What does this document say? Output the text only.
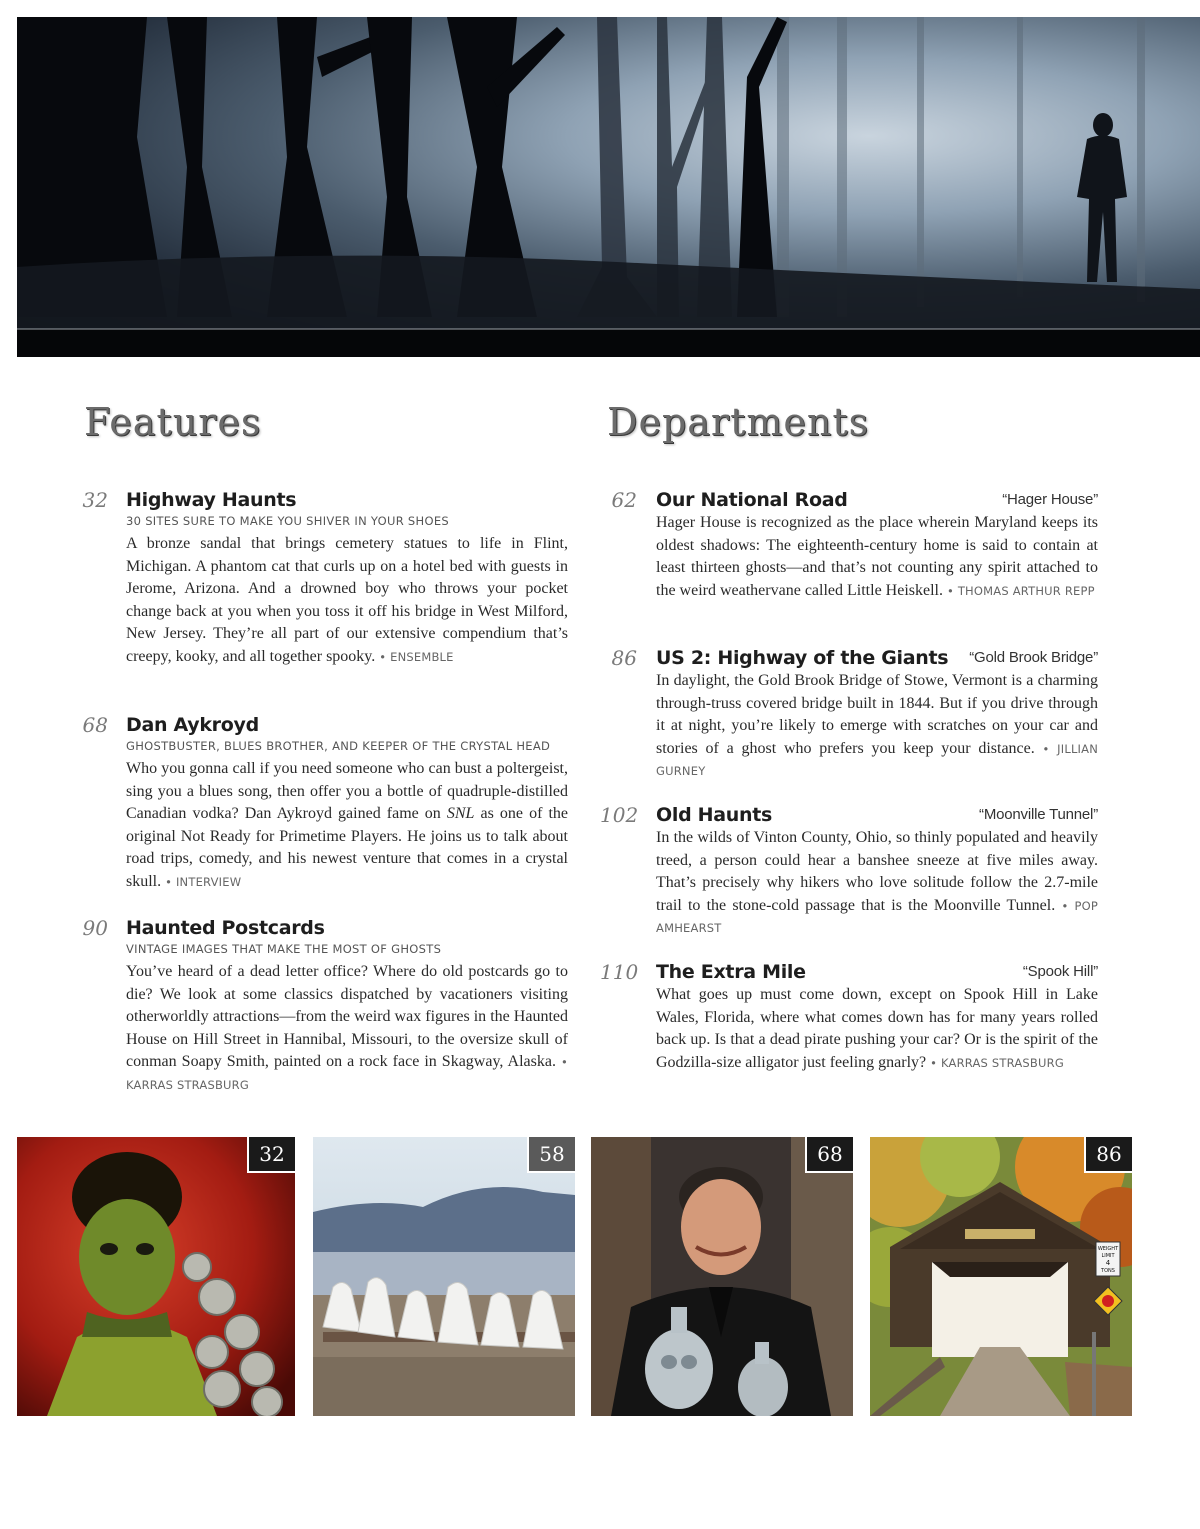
Features	Departments
32 Highway Haunts

30 SITES SURE TO MAKE YOU SHIVER IN YOUR SHOES

A bronze sandal that brings cemetery statues to life in Flint, Michigan. A phantom cat that curls up on a hotel bed with guests in Jerome, Arizona. And a drowned boy who throws your pocket change back at you when you toss it off his bridge in West Milford, New Jersey. They’re all part of our extensive compendium that’s creepy, kooky, and all together spooky. • ENSEMBLE

68 Dan Aykroyd

GHOSTBUSTER, BLUES BROTHER, AND KEEPER OF THE CRYSTAL HEAD

Who you gonna call if you need someone who can bust a poltergeist, sing you a blues song, then offer you a bottle of quadruple-distilled Canadian vodka? Dan Aykroyd gained fame on SNL as one of the original Not Ready for Primetime Players. He joins us to talk about road trips, comedy, and his newest venture that comes in a crystal skull. • INTERVIEW

90 Haunted Postcards

VINTAGE IMAGES THAT MAKE THE MOST OF GHOSTS

You’ve heard of a dead letter office? Where do old postcards go to die? We look at some classics dispatched by vacationers visiting otherworldly attractions—from the weird wax figures in the Haunted House on Hill Street in Hannibal, Missouri, to the oversize skull of conman Soapy Smith, painted on a rock face in Skagway, Alaska. • KARRAS STRASBURG

62 Our National Road	“Hager House”

Hager House is recognized as the place wherein Maryland keeps its oldest shadows: The eighteenth-century home is said to contain at least thirteen ghosts—and that’s not counting any spirit attached to the weird weathervane called Little Heiskell. • THOMAS ARTHUR REPP

86 US 2: Highway of the Giants	“Gold Brook Bridge”

In daylight, the Gold Brook Bridge of Stowe, Vermont is a charming through-truss covered bridge built in 1844. But if you drive through it at night, you’re likely to emerge with scratches on your car and stories of a ghost who prefers you keep your distance. • JILLIAN GURNEY

102 Old Haunts	“Moonville Tunnel”

In the wilds of Vinton County, Ohio, so thinly populated and heavily treed, a person could hear a banshee sneeze at five miles away. That’s precisely why hikers who love solitude follow the 2.7-mile trail to the stone-cold passage that is the Moonville Tunnel. • POP AMHEARST

110 The Extra Mile	“Spook Hill”

What goes up must come down, except on Spook Hill in Lake Wales, Florida, where what comes down has for many years rolled back up. Is that a dead pirate pushing your car? Or is the spirit of the Godzilla-size alligator just feeling gnarly? • KARRAS STRASBURG

32	58	68
WEIGHT
LIMIT
4
TONS
86
